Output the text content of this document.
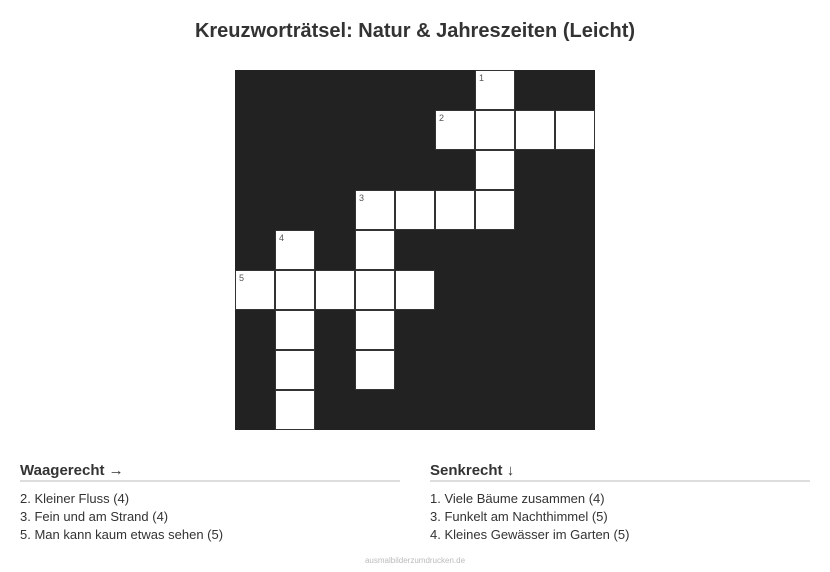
Kreuzworträtsel: Natur & Jahreszeiten (Leicht)
1
2
3
4
5
Waagerecht →
2. Kleiner Fluss (4)
3. Fein und am Strand (4)
5. Man kann kaum etwas sehen (5)
Senkrecht ↓
1. Viele Bäume zusammen (4)
3. Funkelt am Nachthimmel (5)
4. Kleines Gewässer im Garten (5)
ausmalbilderzumdrucken.de
